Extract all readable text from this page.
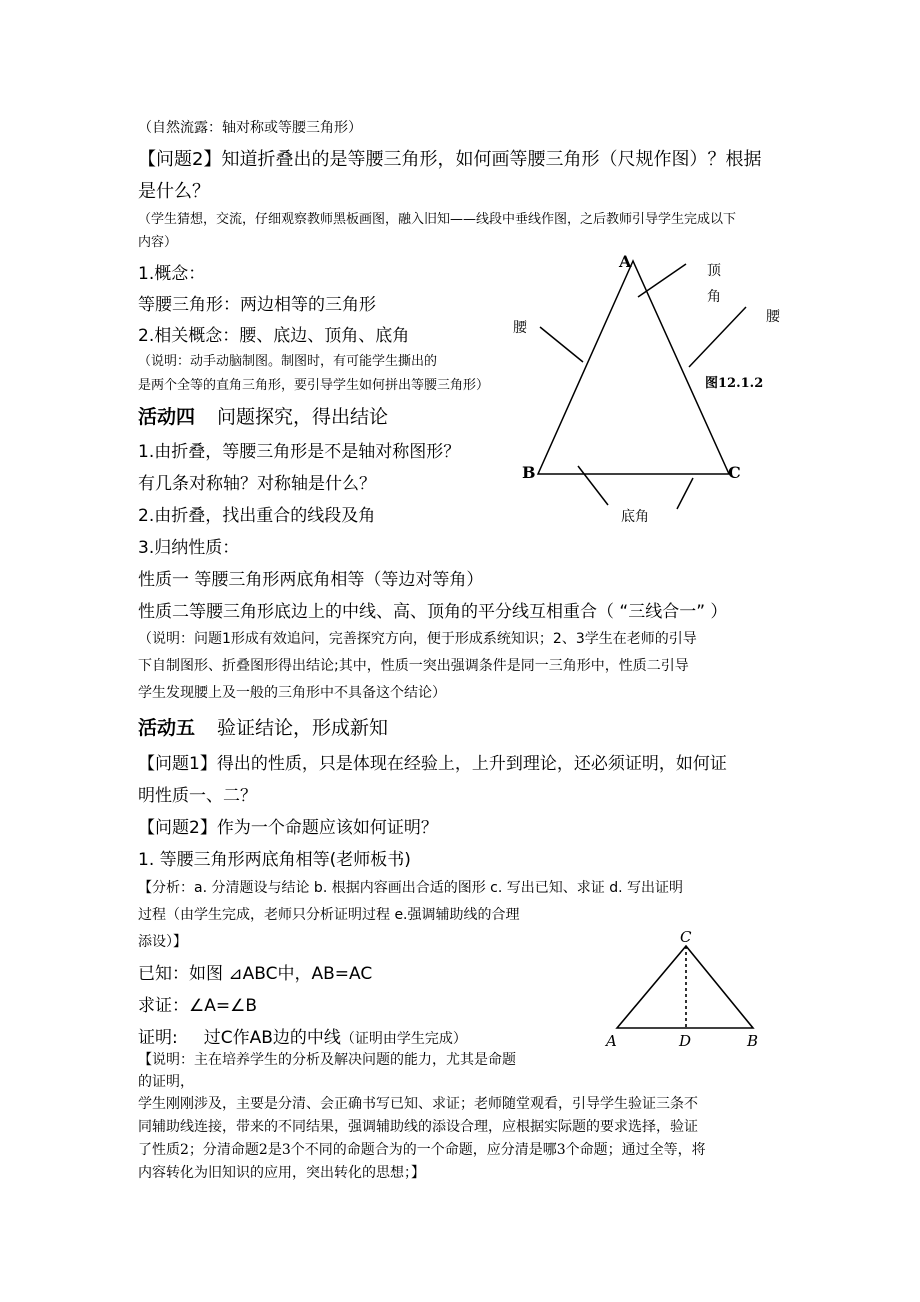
（自然流露：轴对称或等腰三角形）
【问题2】知道折叠出的是等腰三角形，如何画等腰三角形（尺规作图）？根据
是什么？
（学生猜想，交流，仔细观察教师黑板画图，融入旧知——线段中垂线作图，之后教师引导学生完成以下
内容）
1.概念：
等腰三角形：两边相等的三角形
2.相关概念：腰、底边、顶角、底角
（说明：动手动脑制图。制图时，有可能学生撕出的
是两个全等的直角三角形，要引导学生如何拼出等腰三角形）
活动四 问题探究，得出结论
1.由折叠，等腰三角形是不是轴对称图形？
有几条对称轴？对称轴是什么？
2.由折叠，找出重合的线段及角
3.归纳性质：
性质一 等腰三角形两底角相等（等边对等角）
性质二等腰三角形底边上的中线、高、顶角的平分线互相重合（ “三线合一” ）
（说明：问题1形成有效追问，完善探究方向，便于形成系统知识；2、3学生在老师的引导
下自制图形、折叠图形得出结论;其中，性质一突出强调条件是同一三角形中，性质二引导
学生发现腰上及一般的三角形中不具备这个结论）
活动五 验证结论，形成新知
【问题1】得出的性质，只是体现在经验上，上升到理论，还必须证明，如何证
明性质一、二？
【问题2】作为一个命题应该如何证明？
1. 等腰三角形两底角相等(老师板书)
【分析：a. 分清题设与结论 b. 根据内容画出合适的图形 c. 写出已知、求证 d. 写出证明
过程（由学生完成，老师只分析证明过程 e.强调辅助线的合理
添设）】
已知：如图 ⊿ABC中，AB=AC
求证：∠A=∠B
证明: 过C作AB边的中线（证明由学生完成）
【说明：主在培养学生的分析及解决问题的能力，尤其是命题
的证明，
学生刚刚涉及，主要是分清、会正确书写已知、求证；老师随堂观看，引导学生验证三条不
同辅助线连接，带来的不同结果，强调辅助线的添设合理，应根据实际题的要求选择，验证
了性质2；分清命题2是3个不同的命题合为的一个命题，应分清是哪3个命题；通过全等，将
内容转化为旧知识的应用，突出转化的思想；】
A
B	C
顶
角
腰
腰
底角
图12.1.2
C
A	D	B
